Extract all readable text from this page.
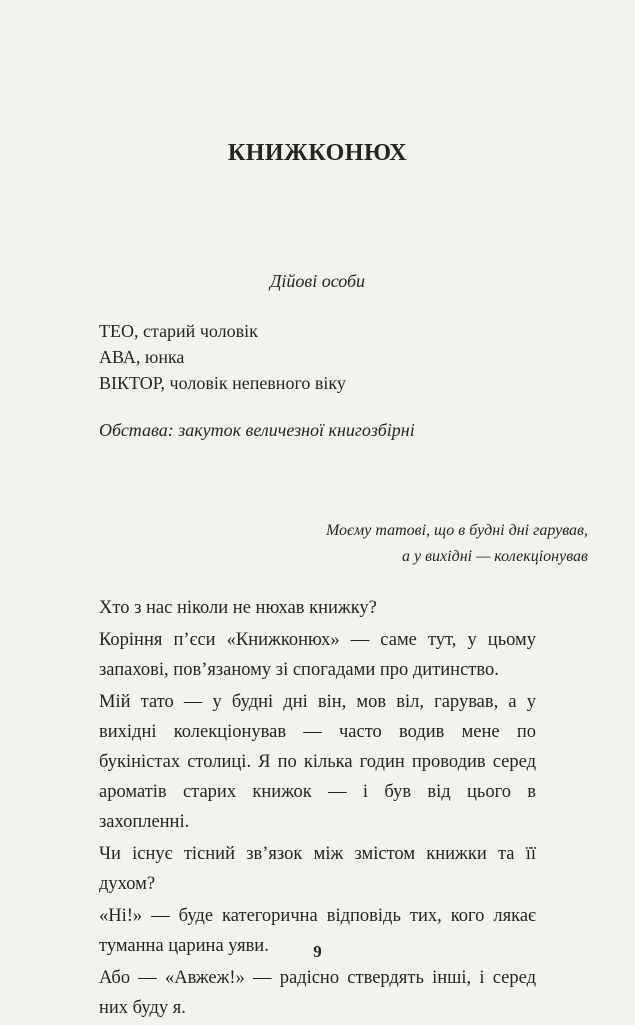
КНИЖКОНЮХ
Дійові особи
ТЕО, старий чоловік
АВА, юнка
ВІКТОР, чоловік непевного віку
Обстава: закуток величезної книгозбірні
Моєму татові, що в будні дні гарував,
а у вихідні — колекціонував

Хто з нас ніколи не нюхав книжку?

Коріння п’єси «Книжконюх» — саме тут, у цьому запахові, пов’язаному зі спогадами про дитинство.

Мій тато — у будні дні він, мов віл, гарував, а у вихідні колекціонував — часто водив мене по букіністах столиці. Я по кілька годин проводив серед ароматів старих книжок — і був від цього в захопленні.

Чи існує тісний зв’язок між змістом книжки та її духом?

«Ні!» — буде категорична відповідь тих, кого лякає туманна царина уяви.

Або — «Авжеж!» — радісно ствердять інші, і серед них буду я.

9
